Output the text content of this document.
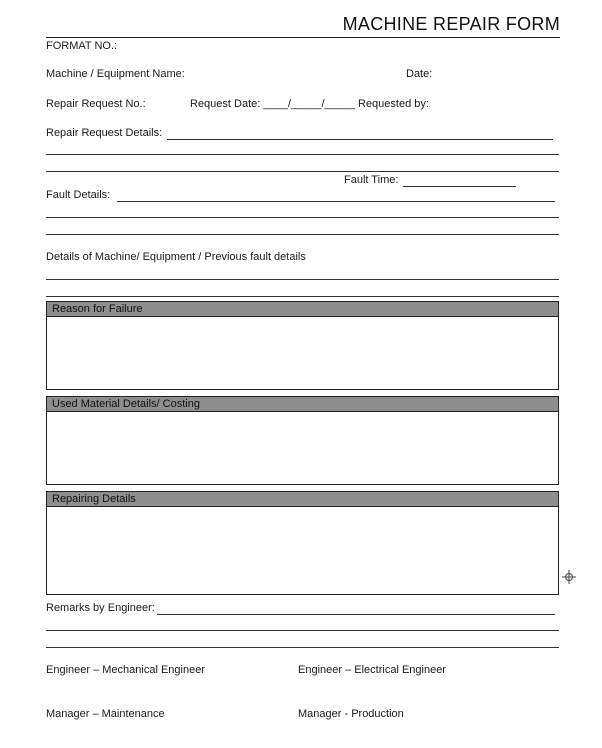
MACHINE REPAIR FORM
FORMAT NO.:
Machine / Equipment Name:	Date:
Repair Request No.:	Request Date: ____/_____/_____ Requested by:
Repair Request Details:
Fault Time:
Fault Details:
Details of Machine/ Equipment / Previous fault details
Reason for Failure
Used Material Details/ Costing
Repairing Details
Remarks by Engineer:
Engineer – Mechanical Engineer	Engineer – Electrical Engineer
Manager – Maintenance	Manager - Production
